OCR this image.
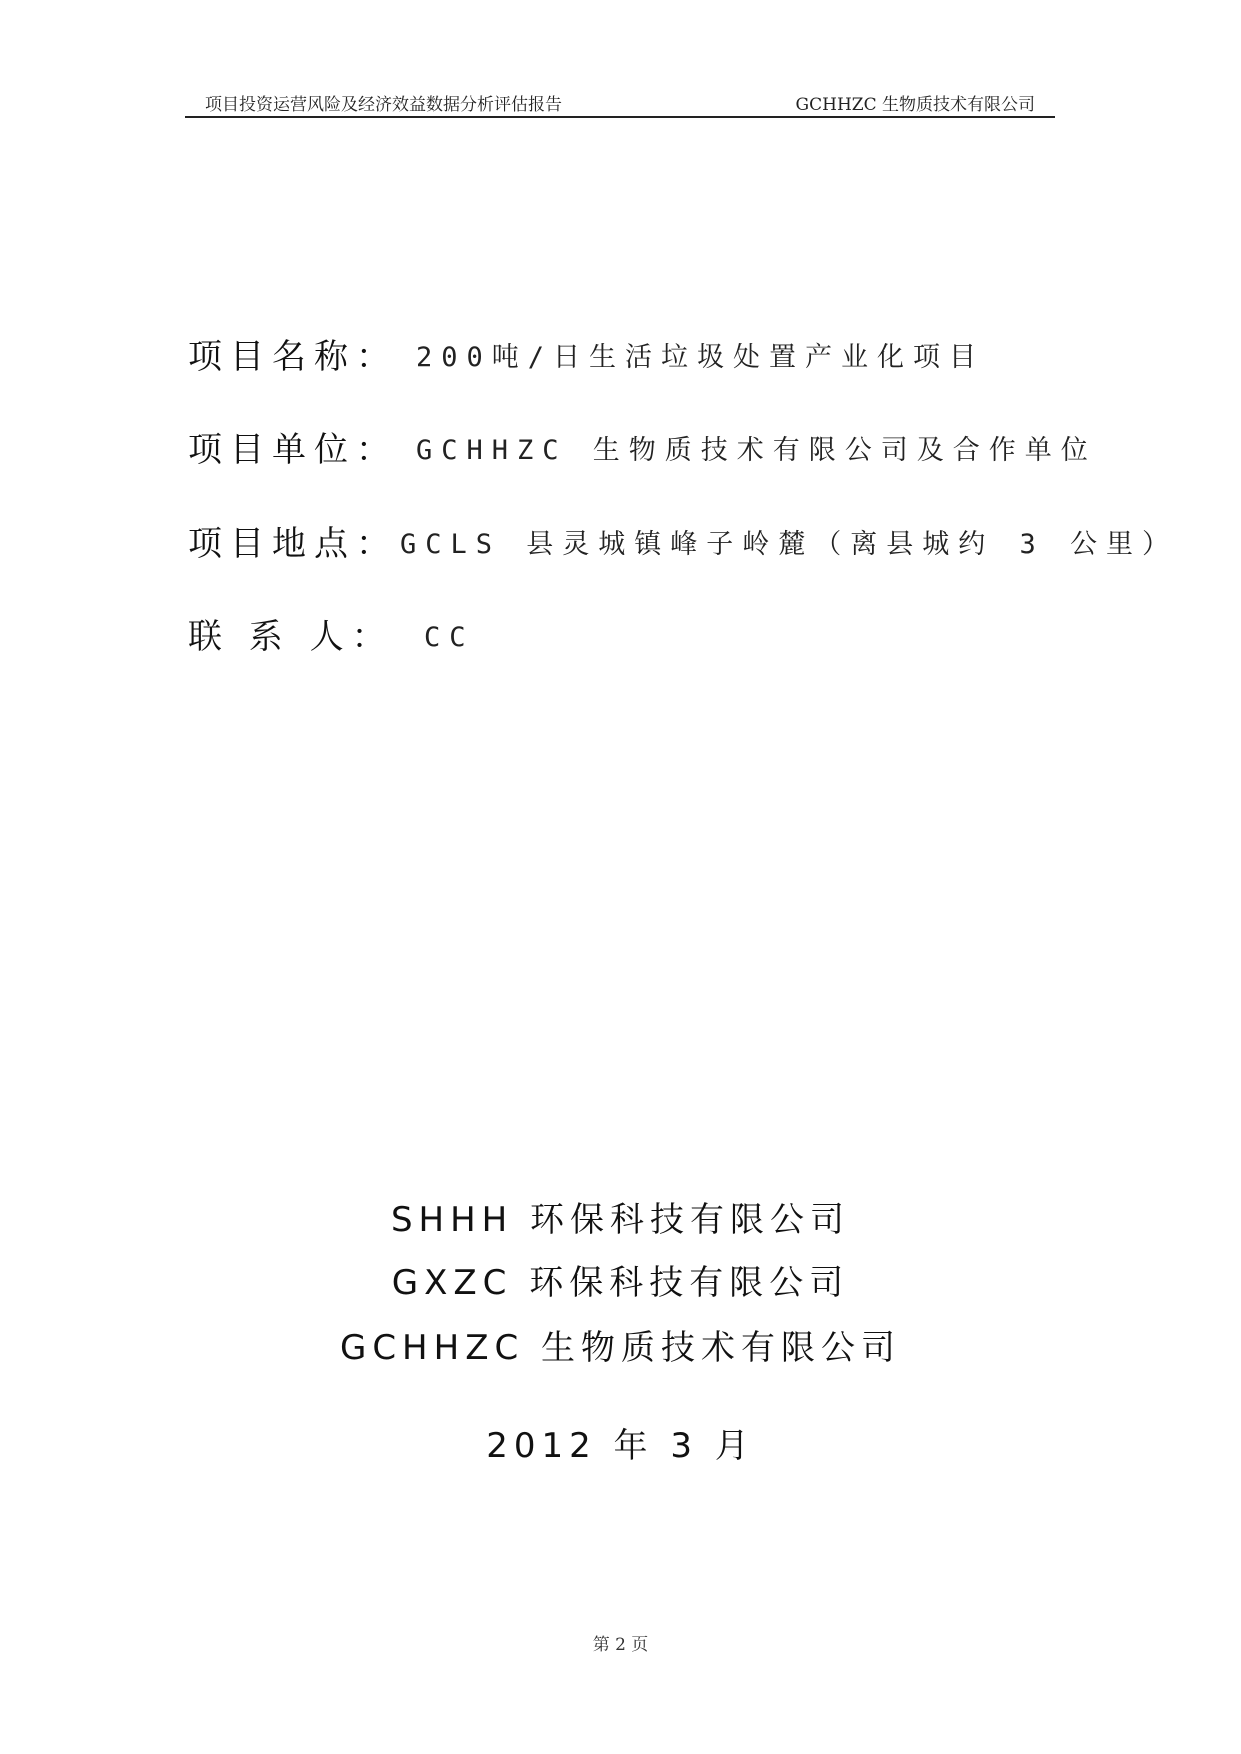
项目投资运营风险及经济效益数据分析评估报告	GCHHZC 生物质技术有限公司
项目名称： 200吨/日生活垃圾处置产业化项目
项目单位： GCHHZC 生物质技术有限公司及合作单位
项目地点： GCLS 县灵城镇峰子岭麓（离县城约 3 公里）
联 系 人： CC
SHHH 环保科技有限公司
GXZC 环保科技有限公司
GCHHZC 生物质技术有限公司
2012 年 3 月
第 2 页
